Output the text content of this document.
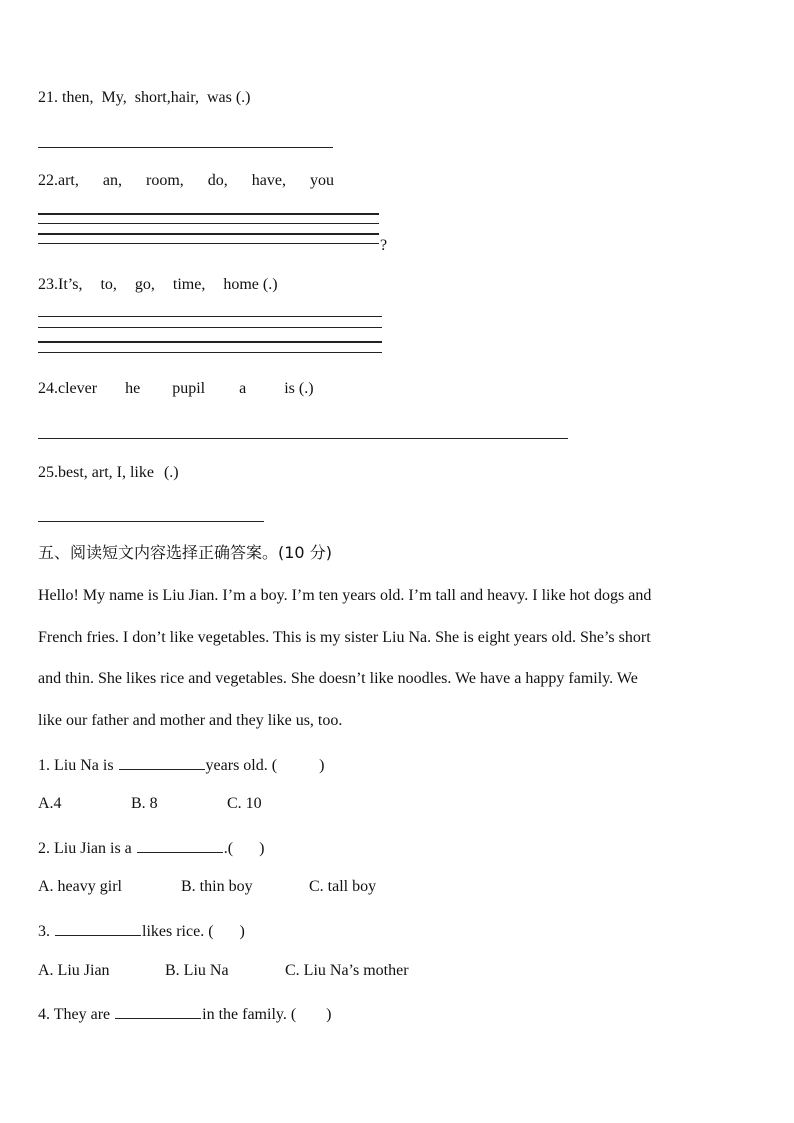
21. then, My, short,hair, was (.)
22.art, an, room, do, have, you
?
23.It’s, to, go, time, home (.)
24.clever he pupil a is (.)
25.best, art, I, like (.)
五、阅读短文内容选择正确答案。(10 分)
Hello! My name is Liu Jian. I’m a boy. I’m ten years old. I’m tall and heavy. I like hot dogs and
French fries. I don’t like vegetables. This is my sister Liu Na. She is eight years old. She’s short
and thin. She likes rice and vegetables. She doesn’t like noodles. We have a happy family. We
like our father and mother and they like us, too.
1. Liu Na is	years old. (	)
A.4	B. 8	C. 10
2. Liu Jian is a	.( )
A. heavy girl	B. thin boy	C. tall boy
3.	likes rice. ( )
A. Liu Jian	B. Liu Na	C. Liu Na’s mother
4. They are	in the family. ( )
